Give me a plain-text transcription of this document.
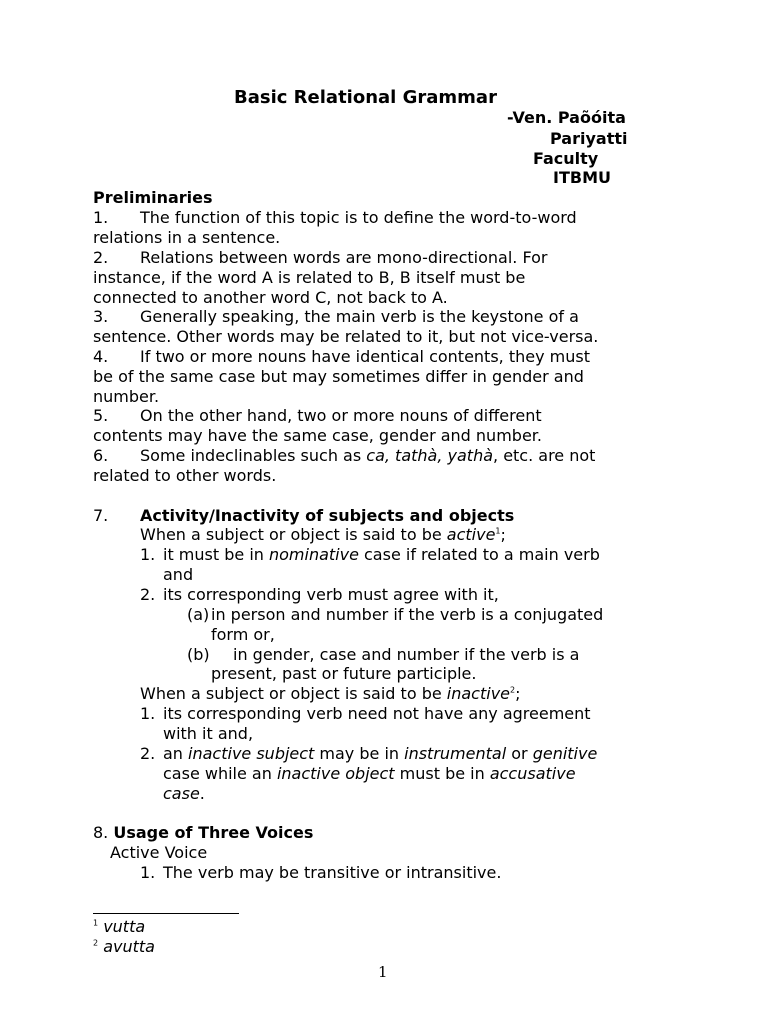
Basic Relational Grammar
-Ven. Paõóita
Pariyatti
Faculty
ITBMU
Preliminaries
1. The function of this topic is to define the word-to-word
relations in a sentence.
2. Relations between words are mono-directional. For
instance, if the word A is related to B, B itself must be
connected to another word C, not back to A.
3. Generally speaking, the main verb is the keystone of a
sentence. Other words may be related to it, but not vice-versa.
4. If two or more nouns have identical contents, they must
be of the same case but may sometimes differ in gender and
number.
5. On the other hand, two or more nouns of different
contents may have the same case, gender and number.
6. Some indeclinables such as ca, tathà, yathà, etc. are not
related to other words.
7. Activity/Inactivity of subjects and objects
When a subject or object is said to be active$^1$;
1. it must be in nominative case if related to a main verb
and
2. its corresponding verb must agree with it,
(a) in person and number if the verb is a conjugated
form or,
(b) in gender, case and number if the verb is a
present, past or future participle.
When a subject or object is said to be inactive$^2$;
1. its corresponding verb need not have any agreement
with it and,
2. an inactive subject may be in instrumental or genitive
case while an inactive object must be in accusative
case.
8. Usage of Three Voices
Active Voice
1. The verb may be transitive or intransitive.
$^1$ vutta
$^2$ avutta
1
